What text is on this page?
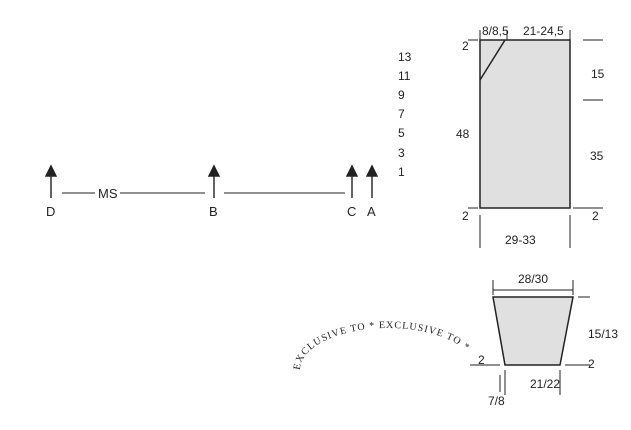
13
11
9
7
5
3
1
D
MS
B	C A
8/8,5 21-24,5
2
48
15
35
2	2
29-33
28/30
15/13
2
2
21/22
7/8
EXCLUSIVE TO * EXCLUSIVE TO *
